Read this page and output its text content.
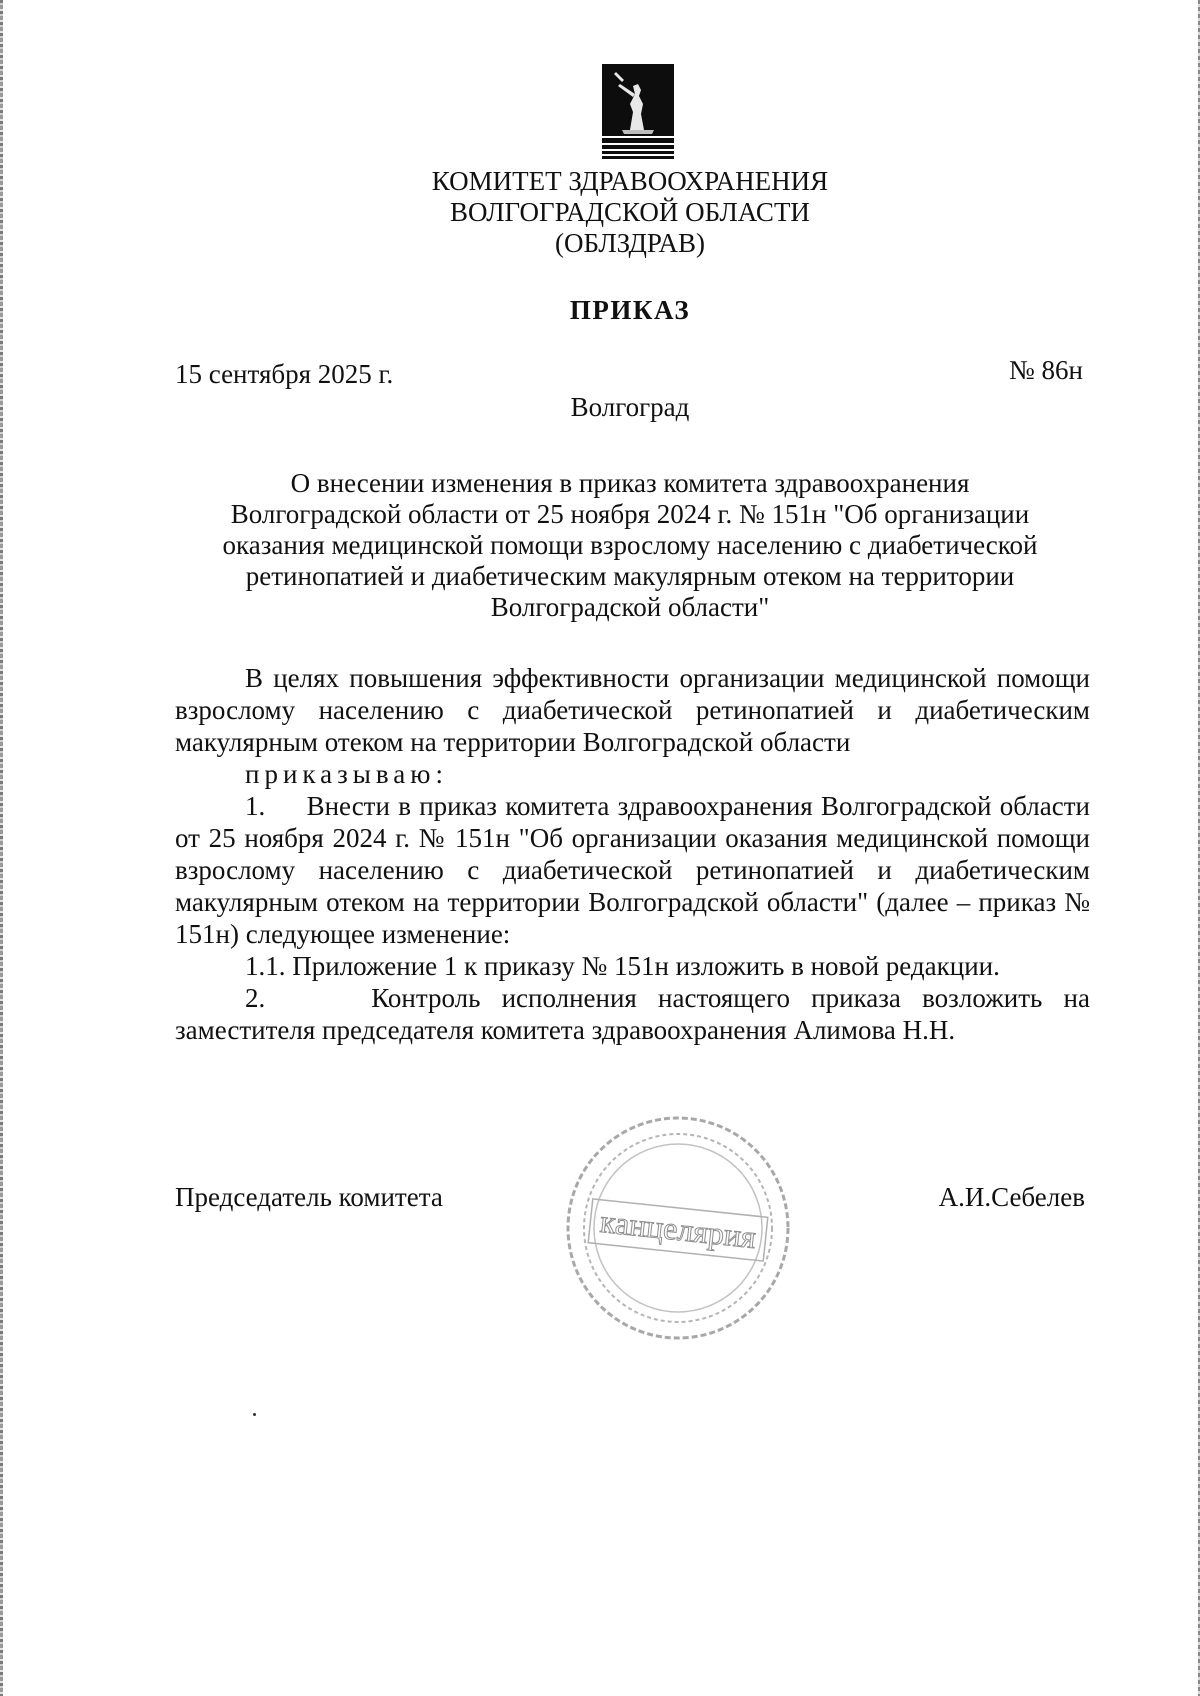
КОМИТЕТ ЗДРАВООХРАНЕНИЯ
ВОЛГОГРАДСКОЙ ОБЛАСТИ
(ОБЛЗДРАВ)
ПРИКАЗ
15 сентября 2025 г.	№ 86н
Волгоград

О внесении изменения в приказ комитета здравоохранения

Волгоградской области от 25 ноября 2024 г. № 151н "Об организации

оказания медицинской помощи взрослому населению с диабетической

ретинопатией и диабетическим макулярным отеком на территории

Волгоградской области"

В целях повышения эффективности организации медицинской помощи взрослому населению с диабетической ретинопатией и диабетическим макулярным отеком на территории Волгоградской области

приказываю:

1.     Внести в приказ комитета здравоохранения Волгоградской области от 25 ноября 2024 г. № 151н "Об организации оказания медицинской помощи взрослому населению с диабетической ретинопатией и диабетическим макулярным отеком на территории Волгоградской области" (далее – приказ № 151н) следующее изменение:

1.1. Приложение 1 к приказу № 151н изложить в новой редакции.

2.     Контроль исполнения настоящего приказа возложить на заместителя председателя комитета здравоохранения Алимова Н.Н.

канцелярия
Председатель комитета	А.И.Себелев
